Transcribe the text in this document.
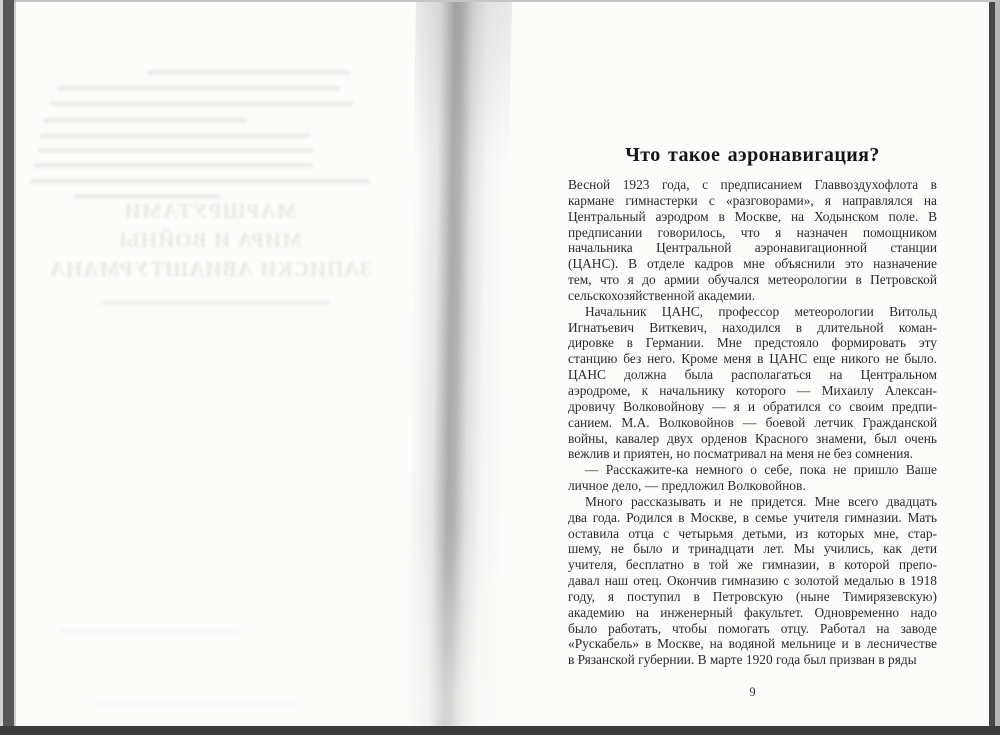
МАРШРУТАМИ
МИРА И ВОЙНЫ
ЗАПИСКИ АВИАШТУРМАНА
Что такое аэронавигация?
Весной 1923 года, с предписанием Главвоздухофлота в
кармане гимнастерки с «разговорами», я направлялся на
Центральный аэродром в Москве, на Ходынском поле. В
предписании говорилось, что я назначен помощником
начальника Центральной аэронавигационной станции
(ЦАНС). В отделе кадров мне объяснили это назначение
тем, что я до армии обучался метеорологии в Петровской
сельскохозяйственной академии.
Начальник ЦАНС, профессор метеорологии Витольд
Игнатьевич Виткевич, находился в длительной коман-
дировке в Германии. Мне предстояло формировать эту
станцию без него. Кроме меня в ЦАНС еще никого не было.
ЦАНС должна была располагаться на Центральном
аэродроме, к начальнику которого — Михаилу Алексан-
дровичу Волковойнову — я и обратился со своим предпи-
санием. М.А. Волковойнов — боевой летчик Гражданской
войны, кавалер двух орденов Красного знамени, был очень
вежлив и приятен, но посматривал на меня не без сомнения.
— Расскажите-ка немного о себе, пока не пришло Ваше
личное дело, — предложил Волковойнов.
Много рассказывать и не придется. Мне всего двадцать
два года. Родился в Москве, в семье учителя гимназии. Мать
оставила отца с четырьмя детьми, из которых мне, стар-
шему, не было и тринадцати лет. Мы учились, как дети
учителя, бесплатно в той же гимназии, в которой препо-
давал наш отец. Окончив гимназию с золотой медалью в 1918
году, я поступил в Петровскую (ныне Тимирязевскую)
академию на инженерный факультет. Одновременно надо
было работать, чтобы помогать отцу. Работал на заводе
«Рускабель» в Москве, на водяной мельнице и в лесничестве
в Рязанской губернии. В марте 1920 года был призван в ряды
9
